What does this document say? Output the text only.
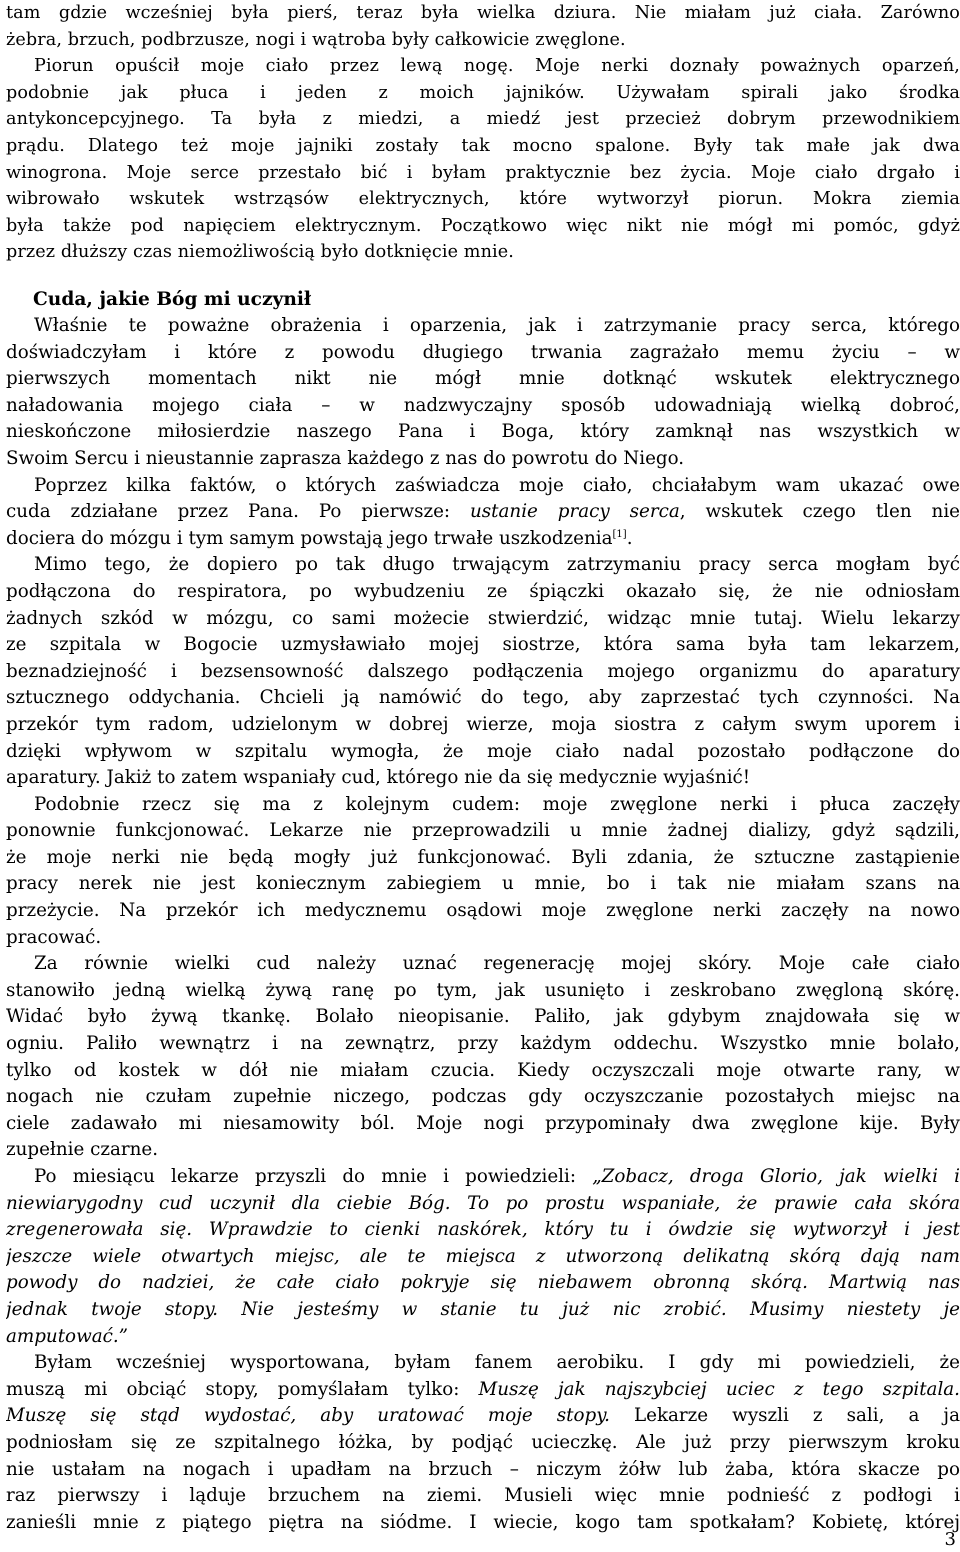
tam gdzie wcześniej była pierś, teraz była wielka dziura. Nie miałam już ciała. Zarówno
żebra, brzuch, podbrzusze, nogi i wątroba były całkowicie zwęglone.
Piorun opuścił moje ciało przez lewą nogę. Moje nerki doznały poważnych oparzeń,
podobnie jak płuca i jeden z moich jajników. Używałam spirali jako środka
antykoncepcyjnego. Ta była z miedzi, a miedź jest przecież dobrym przewodnikiem
prądu. Dlatego też moje jajniki zostały tak mocno spalone. Były tak małe jak dwa
winogrona. Moje serce przestało bić i byłam praktycznie bez życia. Moje ciało drgało i
wibrowało wskutek wstrząsów elektrycznych, które wytworzył piorun. Mokra ziemia
była także pod napięciem elektrycznym. Początkowo więc nikt nie mógł mi pomóc, gdyż
przez dłuższy czas niemożliwością było dotknięcie mnie.
Cuda, jakie Bóg mi uczynił
Właśnie te poważne obrażenia i oparzenia, jak i zatrzymanie pracy serca, którego
doświadczyłam i które z powodu długiego trwania zagrażało memu życiu – w
pierwszych momentach nikt nie mógł mnie dotknąć wskutek elektrycznego
naładowania mojego ciała – w nadzwyczajny sposób udowadniają wielką dobroć,
nieskończone miłosierdzie naszego Pana i Boga, który zamknął nas wszystkich w
Swoim Sercu i nieustannie zaprasza każdego z nas do powrotu do Niego.
Poprzez kilka faktów, o których zaświadcza moje ciało, chciałabym wam ukazać owe
cuda zdziałane przez Pana. Po pierwsze: ustanie pracy serca, wskutek czego tlen nie
dociera do mózgu i tym samym powstają jego trwałe uszkodzenia[1].
Mimo tego, że dopiero po tak długo trwającym zatrzymaniu pracy serca mogłam być
podłączona do respiratora, po wybudzeniu ze śpiączki okazało się, że nie odniosłam
żadnych szkód w mózgu, co sami możecie stwierdzić, widząc mnie tutaj. Wielu lekarzy
ze szpitala w Bogocie uzmysławiało mojej siostrze, która sama była tam lekarzem,
beznadziejność i bezsensowność dalszego podłączenia mojego organizmu do aparatury
sztucznego oddychania. Chcieli ją namówić do tego, aby zaprzestać tych czynności. Na
przekór tym radom, udzielonym w dobrej wierze, moja siostra z całym swym uporem i
dzięki wpływom w szpitalu wymogła, że moje ciało nadal pozostało podłączone do
aparatury. Jakiż to zatem wspaniały cud, którego nie da się medycznie wyjaśnić!
Podobnie rzecz się ma z kolejnym cudem: moje zwęglone nerki i płuca zaczęły
ponownie funkcjonować. Lekarze nie przeprowadzili u mnie żadnej dializy, gdyż sądzili,
że moje nerki nie będą mogły już funkcjonować. Byli zdania, że sztuczne zastąpienie
pracy nerek nie jest koniecznym zabiegiem u mnie, bo i tak nie miałam szans na
przeżycie. Na przekór ich medycznemu osądowi moje zwęglone nerki zaczęły na nowo
pracować.
Za równie wielki cud należy uznać regenerację mojej skóry. Moje całe ciało
stanowiło jedną wielką żywą ranę po tym, jak usunięto i zeskrobano zwęgloną skórę.
Widać było żywą tkankę. Bolało nieopisanie. Paliło, jak gdybym znajdowała się w
ogniu. Paliło wewnątrz i na zewnątrz, przy każdym oddechu. Wszystko mnie bolało,
tylko od kostek w dół nie miałam czucia. Kiedy oczyszczali moje otwarte rany, w
nogach nie czułam zupełnie niczego, podczas gdy oczyszczanie pozostałych miejsc na
ciele zadawało mi niesamowity ból. Moje nogi przypominały dwa zwęglone kije. Były
zupełnie czarne.
Po miesiącu lekarze przyszli do mnie i powiedzieli: „Zobacz, droga Glorio, jak wielki i
niewiarygodny cud uczynił dla ciebie Bóg. To po prostu wspaniałe, że prawie cała skóra
zregenerowała się. Wprawdzie to cienki naskórek, który tu i ówdzie się wytworzył i jest
jeszcze wiele otwartych miejsc, ale te miejsca z utworzoną delikatną skórą dają nam
powody do nadziei, że całe ciało pokryje się niebawem obronną skórą. Martwią nas
jednak twoje stopy. Nie jesteśmy w stanie tu już nic zrobić. Musimy niestety je
amputować.”
Byłam wcześniej wysportowana, byłam fanem aerobiku. I gdy mi powiedzieli, że
muszą mi obciąć stopy, pomyślałam tylko: Muszę jak najszybciej uciec z tego szpitala.
Muszę się stąd wydostać, aby uratować moje stopy. Lekarze wyszli z sali, a ja
podniosłam się ze szpitalnego łóżka, by podjąć ucieczkę. Ale już przy pierwszym kroku
nie ustałam na nogach i upadłam na brzuch – niczym żółw lub żaba, która skacze po
raz pierwszy i ląduje brzuchem na ziemi. Musieli więc mnie podnieść z podłogi i
zanieśli mnie z piątego piętra na siódme. I wiecie, kogo tam spotkałam? Kobietę, której
3
